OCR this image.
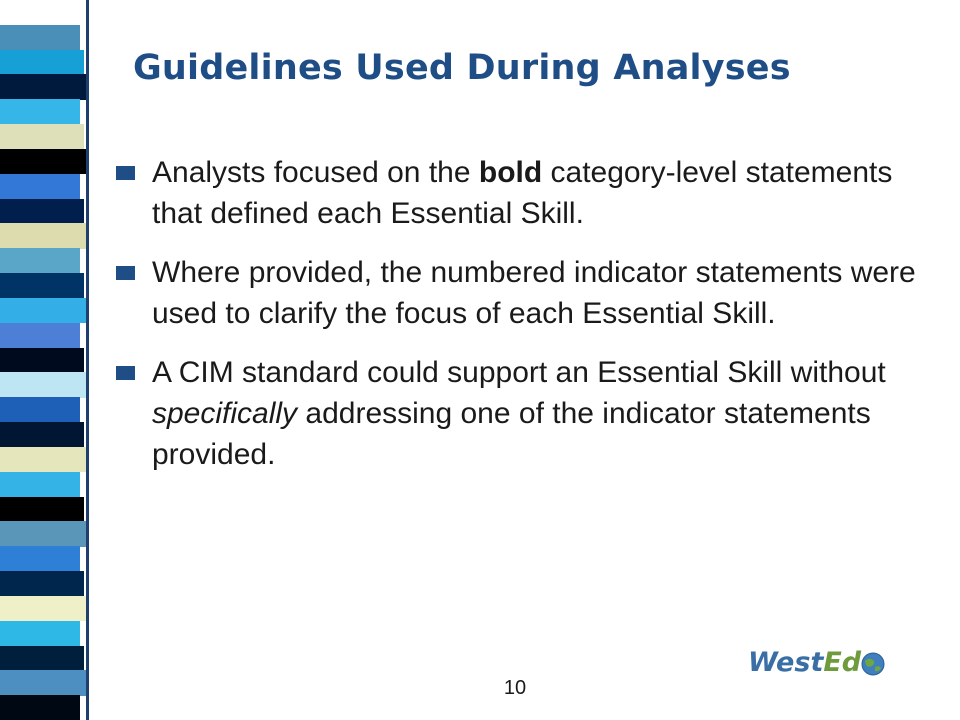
Guidelines Used During Analyses
Analysts focused on the bold category-level statements that defined each Essential Skill.
Where provided, the numbered indicator statements were used to clarify the focus of each Essential Skill.
A CIM standard could support an Essential Skill without specifically addressing one of the indicator statements provided.
10
WestEd
